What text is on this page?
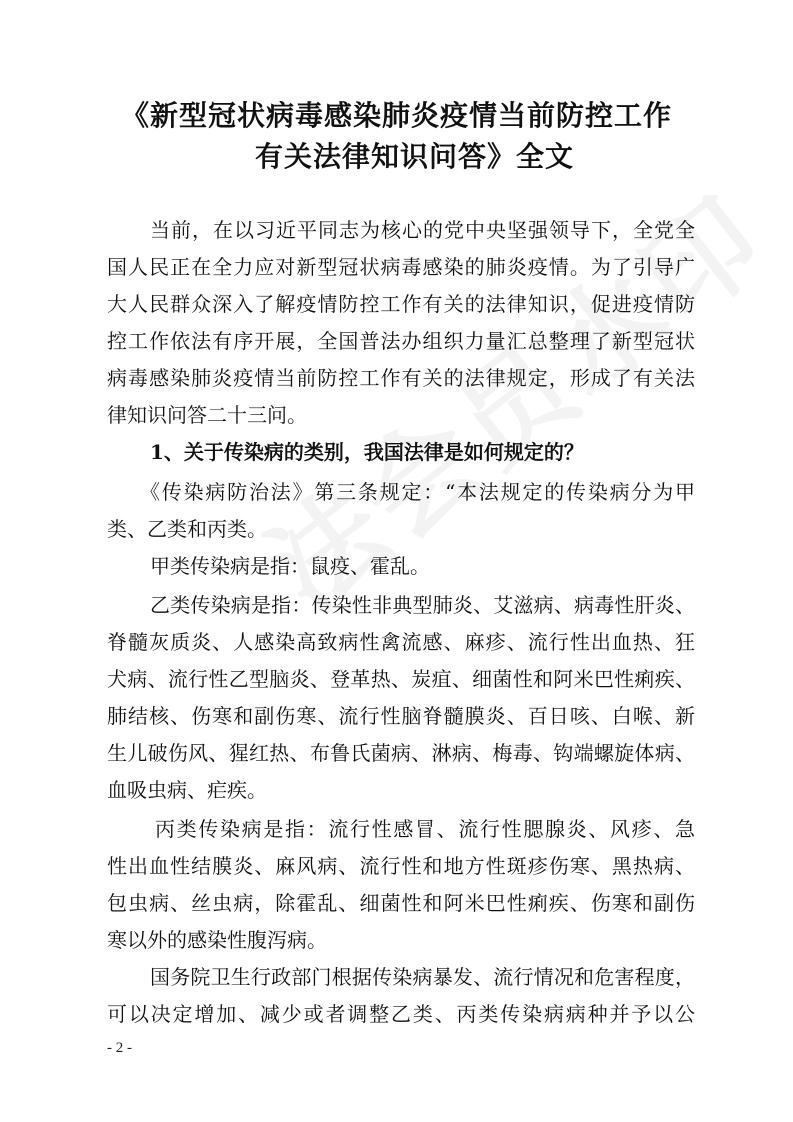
《新型冠状病毒感染肺炎疫情当前防控工作
有关法律知识问答》全文
当前，在以习近平同志为核心的党中央坚强领导下，全党全
国人民正在全力应对新型冠状病毒感染的肺炎疫情。为了引导广
大人民群众深入了解疫情防控工作有关的法律知识，促进疫情防
控工作依法有序开展，全国普法办组织力量汇总整理了新型冠状
病毒感染肺炎疫情当前防控工作有关的法律规定，形成了有关法
律知识问答二十三问。
1、关于传染病的类别，我国法律是如何规定的？
《传染病防治法》第三条规定：“本法规定的传染病分为甲
类、乙类和丙类。
甲类传染病是指：鼠疫、霍乱。
乙类传染病是指：传染性非典型肺炎、艾滋病、病毒性肝炎、
脊髓灰质炎、人感染高致病性禽流感、麻疹、流行性出血热、狂
犬病、流行性乙型脑炎、登革热、炭疽、细菌性和阿米巴性痢疾、
肺结核、伤寒和副伤寒、流行性脑脊髓膜炎、百日咳、白喉、新
生儿破伤风、猩红热、布鲁氏菌病、淋病、梅毒、钩端螺旋体病、
血吸虫病、疟疾。
丙类传染病是指：流行性感冒、流行性腮腺炎、风疹、急
性出血性结膜炎、麻风病、流行性和地方性斑疹伤寒、黑热病、
包虫病、丝虫病，除霍乱、细菌性和阿米巴性痢疾、伤寒和副伤
寒以外的感染性腹泻病。
国务院卫生行政部门根据传染病暴发、流行情况和危害程度，
可以决定增加、减少或者调整乙类、丙类传染病病种并予以公
- 2 -
